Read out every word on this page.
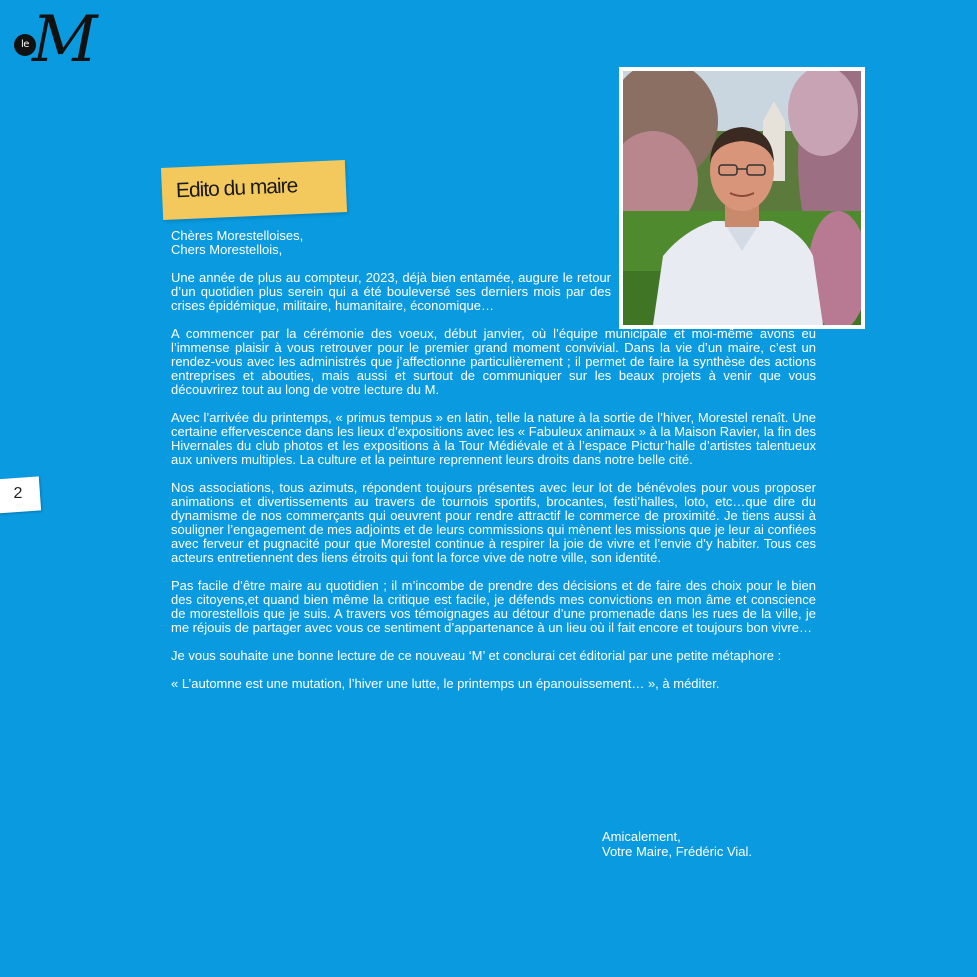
le M
2
Edito du maire

Chères Morestelloises,
Chers Morestellois,

Une année de plus au compteur, 2023, déjà bien entamée, augure le retour d’un quotidien plus serein qui a été bouleversé ses derniers mois par des crises épidémique, militaire, humanitaire, économique…

A commencer par la cérémonie des voeux, début janvier, où l’équipe municipale et moi-même avons eu l’immense plaisir à vous retrouver pour le premier grand moment convivial. Dans la vie d’un maire, c’est un rendez-vous avec les administrés que j’affectionne particulièrement ; il permet de faire la synthèse des actions entreprises et abouties, mais aussi et surtout de communiquer sur les beaux projets à venir que vous découvrirez tout au long de votre lecture du M.

Avec l’arrivée du printemps, « primus tempus » en latin, telle la nature à la sortie de l’hiver, Morestel renaît. Une certaine effervescence dans les lieux d’expositions avec les « Fabuleux animaux » à la Maison Ravier, la fin des Hivernales du club photos et les expositions à la Tour Médiévale et à l’espace Pictur’halle d’artistes talentueux aux univers multiples. La culture et la peinture reprennent leurs droits dans notre belle cité.

Nos associations, tous azimuts, répondent toujours présentes avec leur lot de bénévoles pour vous proposer animations et divertissements au travers de tournois sportifs, brocantes, festi’halles, loto, etc…que dire du dynamisme de nos commerçants qui oeuvrent pour rendre attractif le commerce de proximité. Je tiens aussi à souligner l’engagement de mes adjoints et de leurs commissions qui mènent les missions que je leur ai confiées avec ferveur et pugnacité pour que Morestel continue à respirer la joie de vivre et l’envie d’y habiter. Tous ces acteurs entretiennent des liens étroits qui font la force vive de notre ville, son identité.

Pas facile d’être maire au quotidien ; il m’incombe de prendre des décisions et de faire des choix pour le bien des citoyens,et quand bien même la critique est facile, je défends mes convictions en mon âme et conscience de morestellois que je suis. A travers vos témoignages au détour d’une promenade dans les rues de la ville, je me réjouis de partager avec vous ce sentiment d’appartenance à un lieu où il fait encore et toujours bon vivre…

Je vous souhaite une bonne lecture de ce nouveau ‘M’ et conclurai cet éditorial par une petite métaphore :

« L’automne est une mutation, l’hiver une lutte, le printemps un épanouissement… », à méditer.

Amicalement,
Votre Maire, Frédéric Vial.
